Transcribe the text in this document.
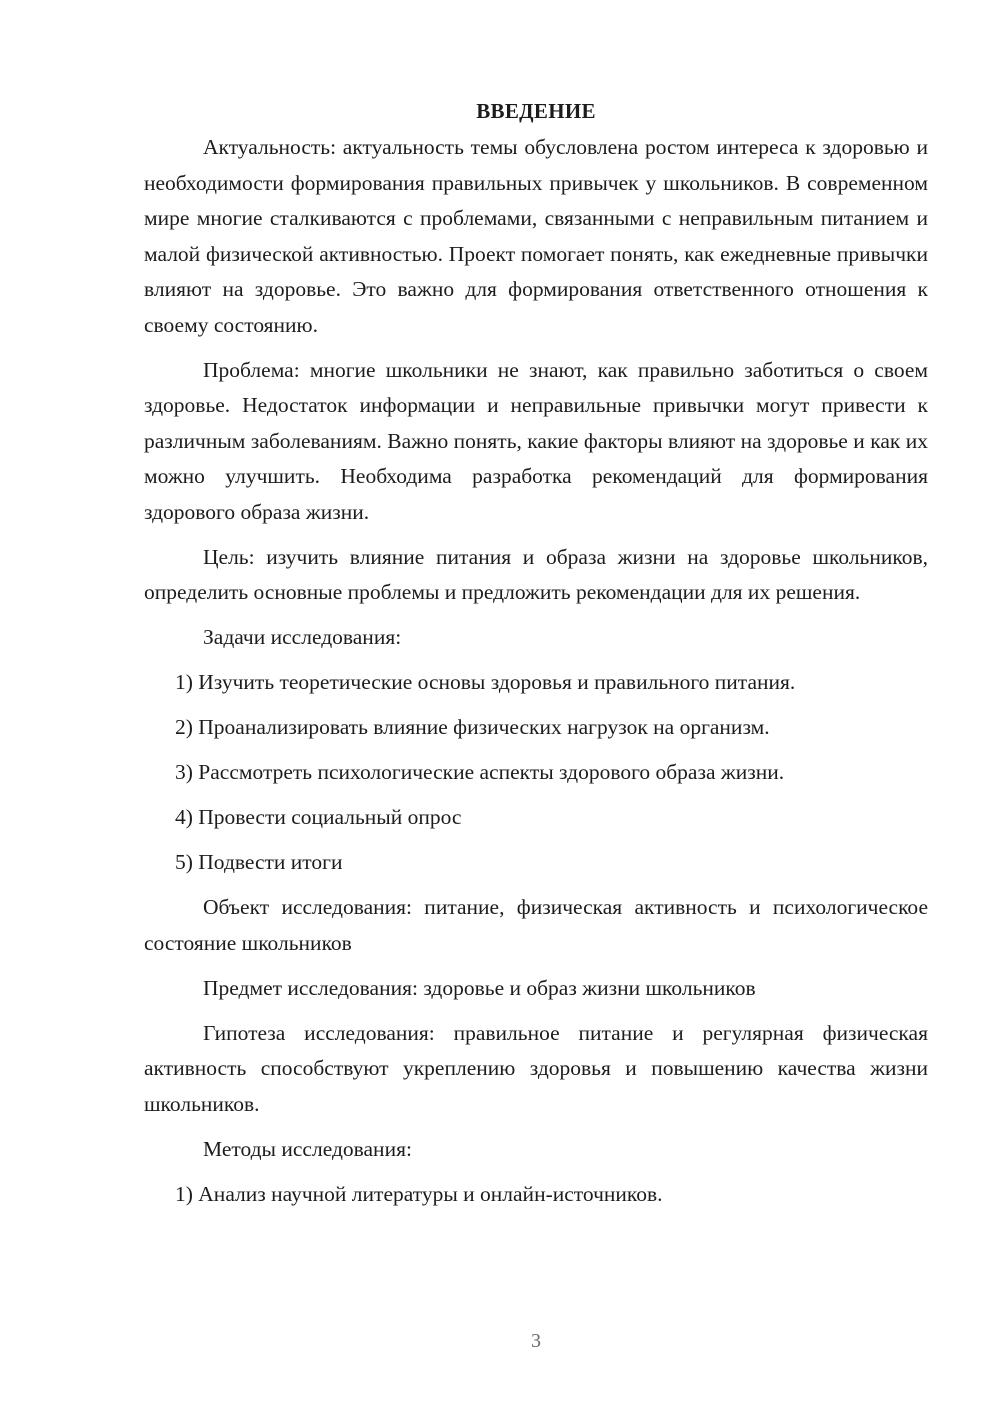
ВВЕДЕНИЕ

Актуальность: актуальность темы обусловлена ростом интереса к здоровью и необходимости формирования правильных привычек у школьников. В современном мире многие сталкиваются с проблемами, связанными с неправильным питанием и малой физической активностью. Проект помогает понять, как ежедневные привычки влияют на здоровье. Это важно для формирования ответственного отношения к своему состоянию.

Проблема: многие школьники не знают, как правильно заботиться о своем здоровье. Недостаток информации и неправильные привычки могут привести к различным заболеваниям. Важно понять, какие факторы влияют на здоровье и как их можно улучшить. Необходима разработка рекомендаций для формирования здорового образа жизни.

Цель: изучить влияние питания и образа жизни на здоровье школьников, определить основные проблемы и предложить рекомендации для их решения.

Задачи исследования:

1) Изучить теоретические основы здоровья и правильного питания.

2) Проанализировать влияние физических нагрузок на организм.

3) Рассмотреть психологические аспекты здорового образа жизни.

4) Провести социальный опрос

5) Подвести итоги

Объект исследования: питание, физическая активность и психологическое состояние школьников

Предмет исследования: здоровье и образ жизни школьников

Гипотеза исследования: правильное питание и регулярная физическая активность способствуют укреплению здоровья и повышению качества жизни школьников.

Методы исследования:

1) Анализ научной литературы и онлайн-источников.

3
